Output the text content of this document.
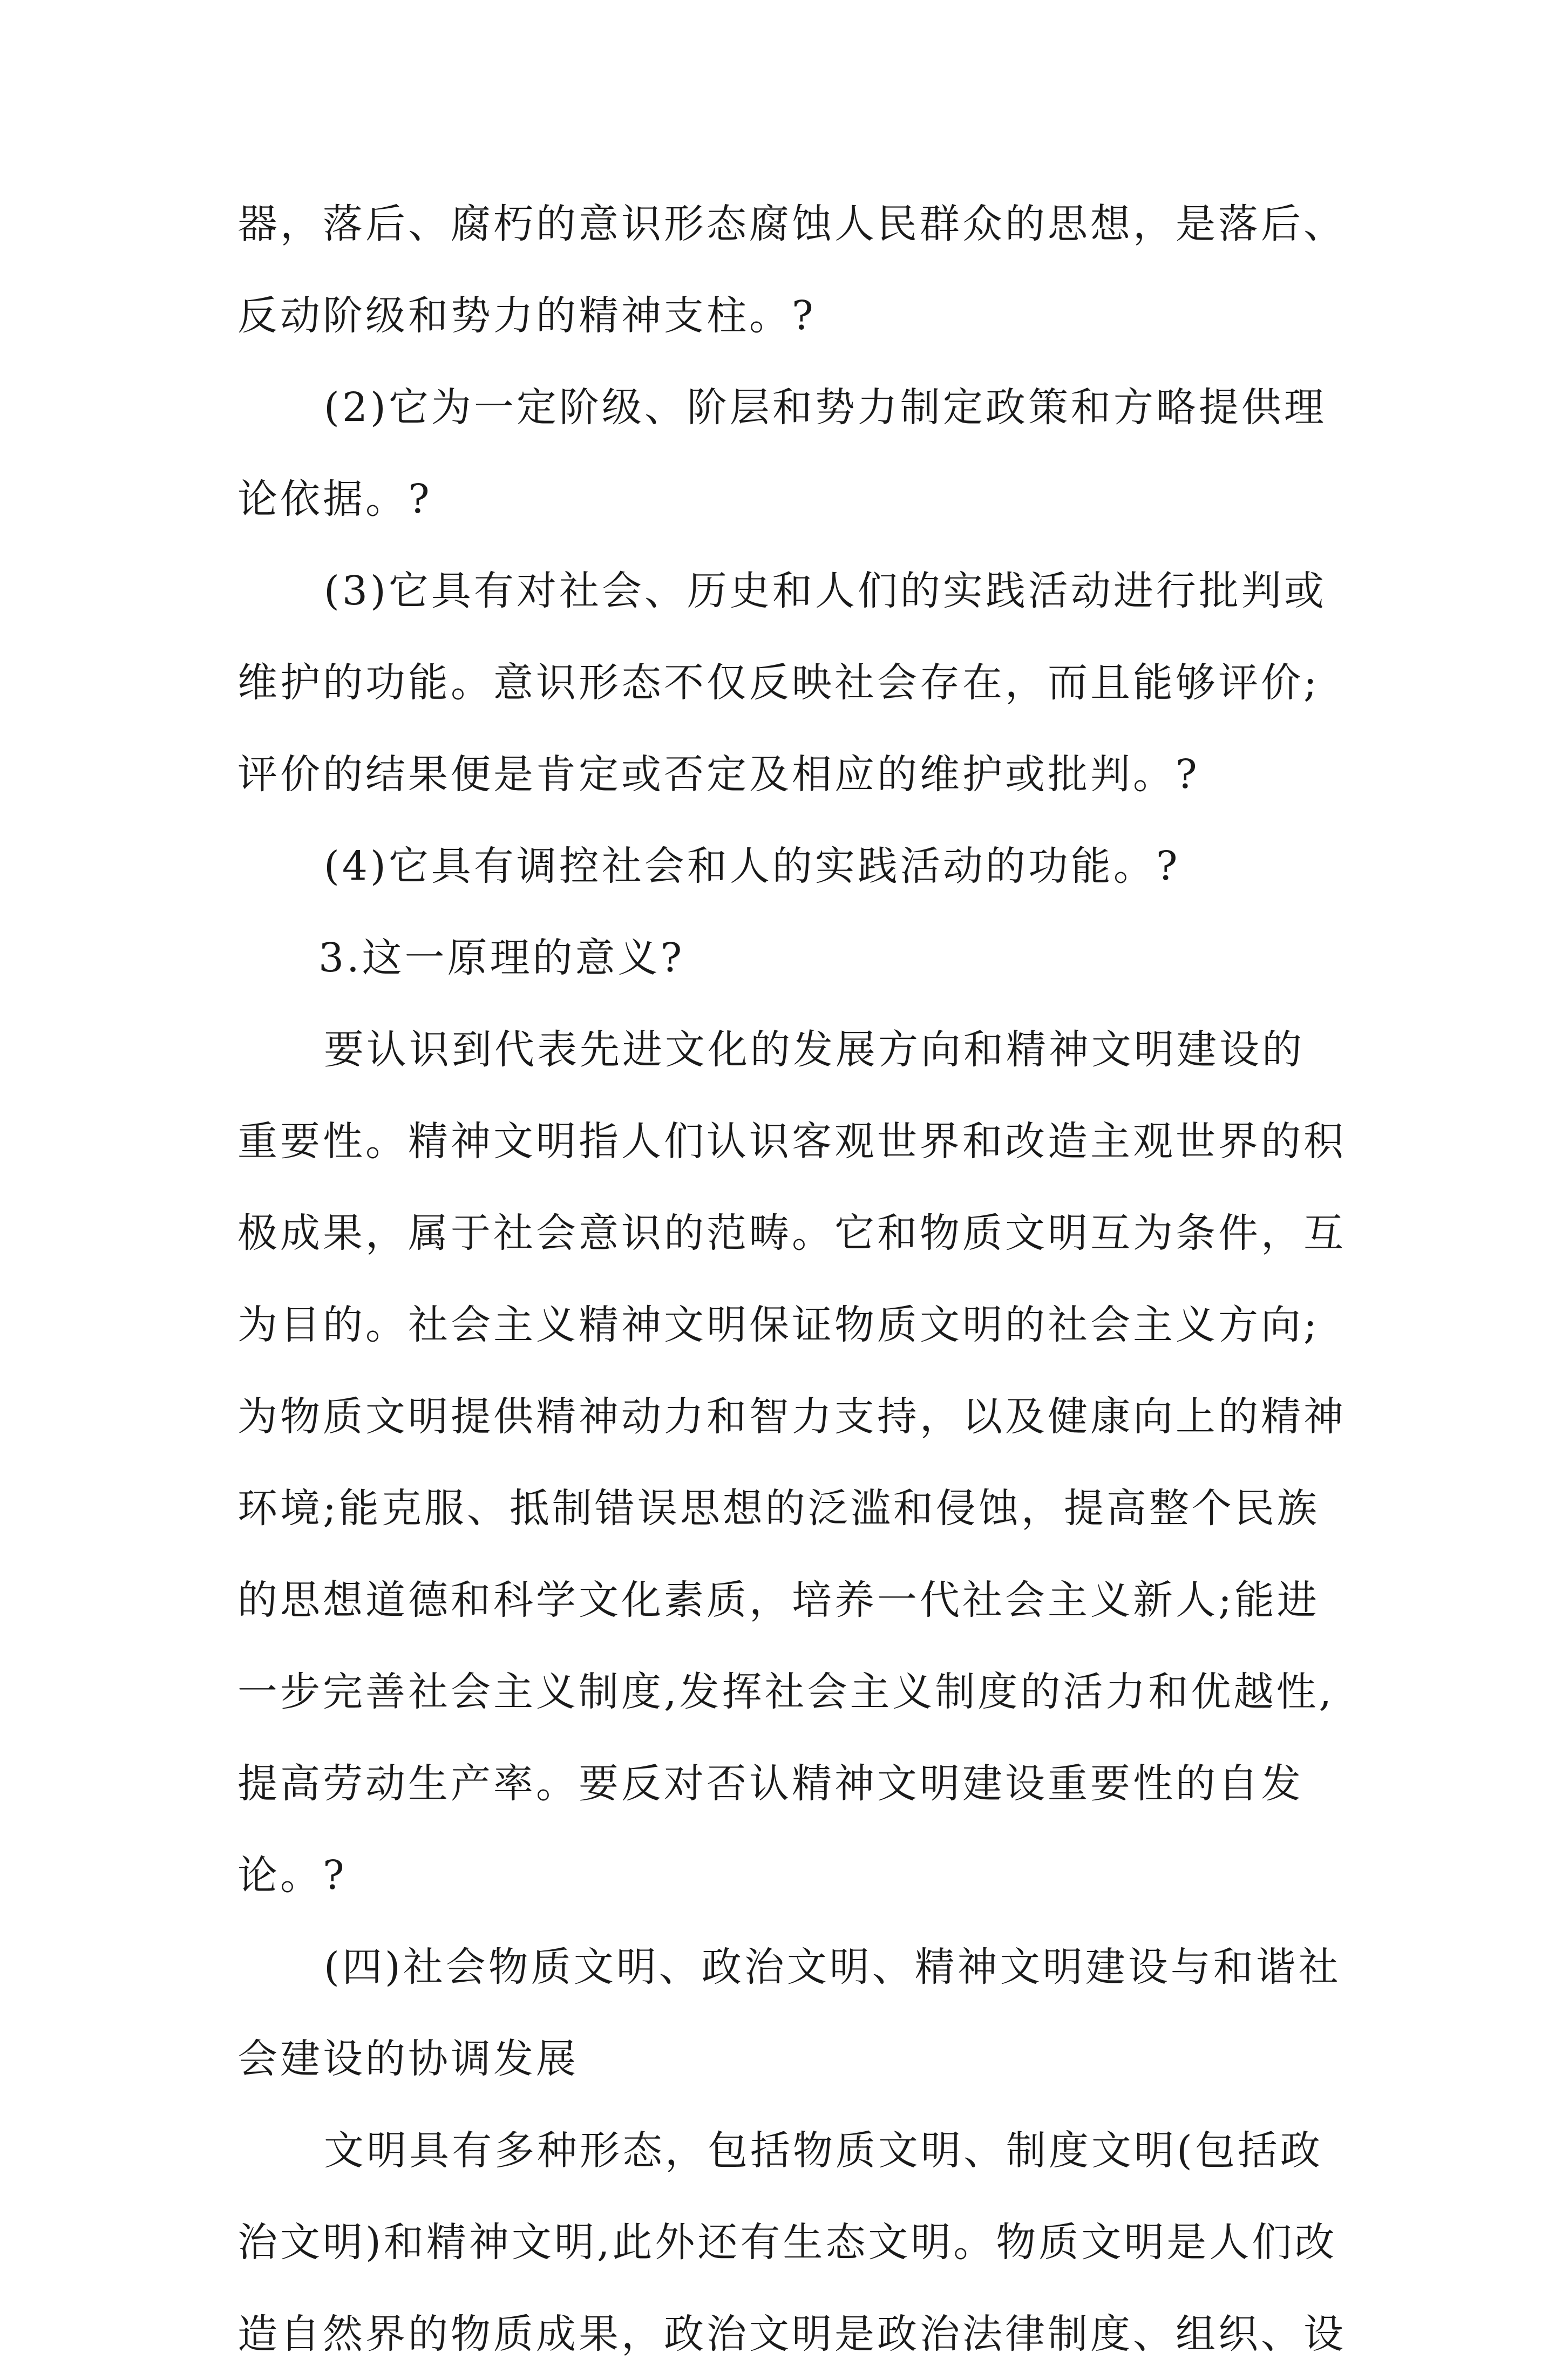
器，落后、腐朽的意识形态腐蚀人民群众的思想，是落后、
反动阶级和势力的精神支柱。?
(2)它为一定阶级、阶层和势力制定政策和方略提供理
论依据。?
(3)它具有对社会、历史和人们的实践活动进行批判或
维护的功能。意识形态不仅反映社会存在，而且能够评价;
评价的结果便是肯定或否定及相应的维护或批判。?
(4)它具有调控社会和人的实践活动的功能。?
3.这一原理的意义?
要认识到代表先进文化的发展方向和精神文明建设的
重要性。精神文明指人们认识客观世界和改造主观世界的积
极成果，属于社会意识的范畴。它和物质文明互为条件，互
为目的。社会主义精神文明保证物质文明的社会主义方向;
为物质文明提供精神动力和智力支持，以及健康向上的精神
环境;能克服、抵制错误思想的泛滥和侵蚀，提高整个民族
的思想道德和科学文化素质，培养一代社会主义新人;能进
一步完善社会主义制度,发挥社会主义制度的活力和优越性,
提高劳动生产率。要反对否认精神文明建设重要性的自发
论。?
(四)社会物质文明、政治文明、精神文明建设与和谐社
会建设的协调发展
文明具有多种形态，包括物质文明、制度文明(包括政
治文明)和精神文明,此外还有生态文明。物质文明是人们改
造自然界的物质成果，政治文明是政治法律制度、组织、设
